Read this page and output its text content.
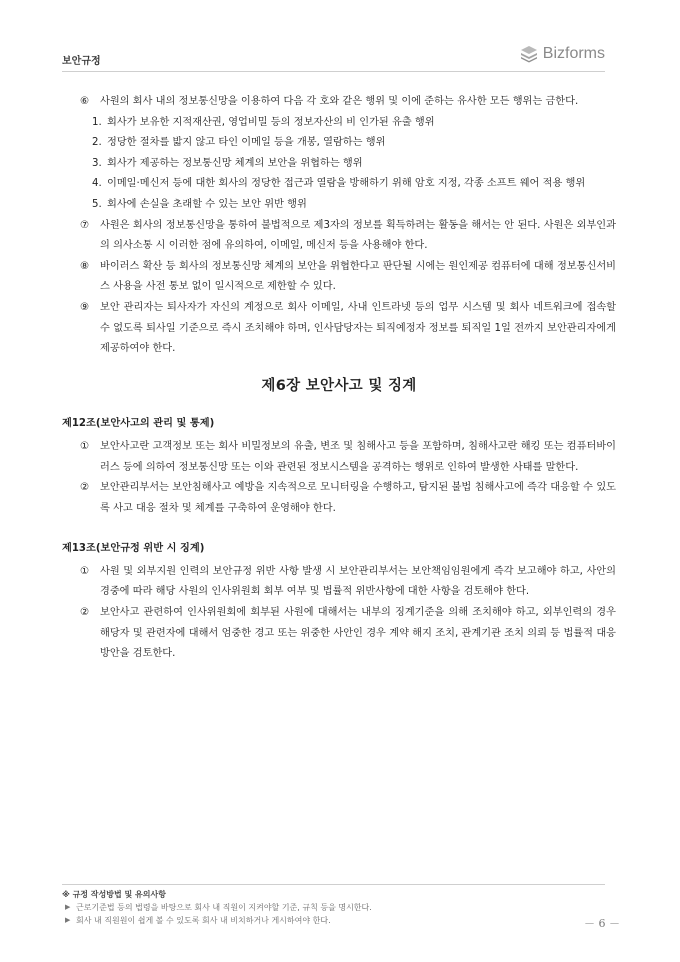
보안규정	Bizforms
⑥ 사원의 회사 내의 정보통신망을 이용하여 다음 각 호와 같은 행위 및 이에 준하는 유사한 모든 행위는 금한다.
1. 회사가 보유한 지적재산권, 영업비밀 등의 정보자산의 비 인가된 유출 행위
2. 정당한 절차를 밟지 않고 타인 이메일 등을 개봉, 열람하는 행위
3. 회사가 제공하는 정보통신망 체계의 보안을 위협하는 행위
4. 이메일·메신저 등에 대한 회사의 정당한 접근과 열람을 방해하기 위해 암호 지정, 각종 소프트 웨어 적용 행위
5. 회사에 손실을 초래할 수 있는 보안 위반 행위
⑦ 사원은 회사의 정보통신망을 통하여 불법적으로 제3자의 정보를 획득하려는 활동을 해서는 안 된다. 사원은 외부인과의 의사소통 시 이러한 점에 유의하여, 이메일, 메신저 등을 사용해야 한다.
⑧ 바이러스 확산 등 회사의 정보통신망 체계의 보안을 위협한다고 판단될 시에는 원인제공 컴퓨터에 대해 정보통신서비스 사용을 사전 통보 없이 일시적으로 제한할 수 있다.
⑨ 보안 관리자는 퇴사자가 자신의 계정으로 회사 이메일, 사내 인트라넷 등의 업무 시스템 및 회사 네트워크에 접속할 수 없도록 퇴사일 기준으로 즉시 조치해야 하며, 인사담당자는 퇴직예정자 정보를 퇴직일 1일 전까지 보안관리자에게 제공하여야 한다.
제6장 보안사고 및 징계
제12조(보안사고의 관리 및 통제)
① 보안사고란 고객정보 또는 회사 비밀정보의 유출, 변조 및 침해사고 등을 포함하며, 침해사고란 해킹 또는 컴퓨터바이러스 등에 의하여 정보통신망 또는 이와 관련된 정보시스템을 공격하는 행위로 인하여 발생한 사태를 말한다.
② 보안관리부서는 보안침해사고 예방을 지속적으로 모니터링을 수행하고, 탐지된 불법 침해사고에 즉각 대응할 수 있도록 사고 대응 절차 및 체계를 구축하여 운영해야 한다.
제13조(보안규정 위반 시 징계)
① 사원 및 외부지원 인력의 보안규정 위반 사항 발생 시 보안관리부서는 보안책임임원에게 즉각 보고해야 하고, 사안의 경중에 따라 해당 사원의 인사위원회 회부 여부 및 법률적 위반사항에 대한 사항을 검토해야 한다.
② 보안사고 관련하여 인사위원회에 회부된 사원에 대해서는 내부의 징계기준을 의해 조치해야 하고, 외부인력의 경우 해당자 및 관련자에 대해서 엄중한 경고 또는 위중한 사안인 경우 계약 해지 조치, 관계기관 조치 의뢰 등 법률적 대응방안을 검토한다.
※ 규정 작성방법 및 유의사항
▶ 근로기준법 등의 법령을 바탕으로 회사 내 직원이 지켜야할 기준, 규칙 등을 명시한다.
▶ 회사 내 직원원이 쉽게 볼 수 있도록 회사 내 비치하거나 게시하여야 한다.	－ 6 －
